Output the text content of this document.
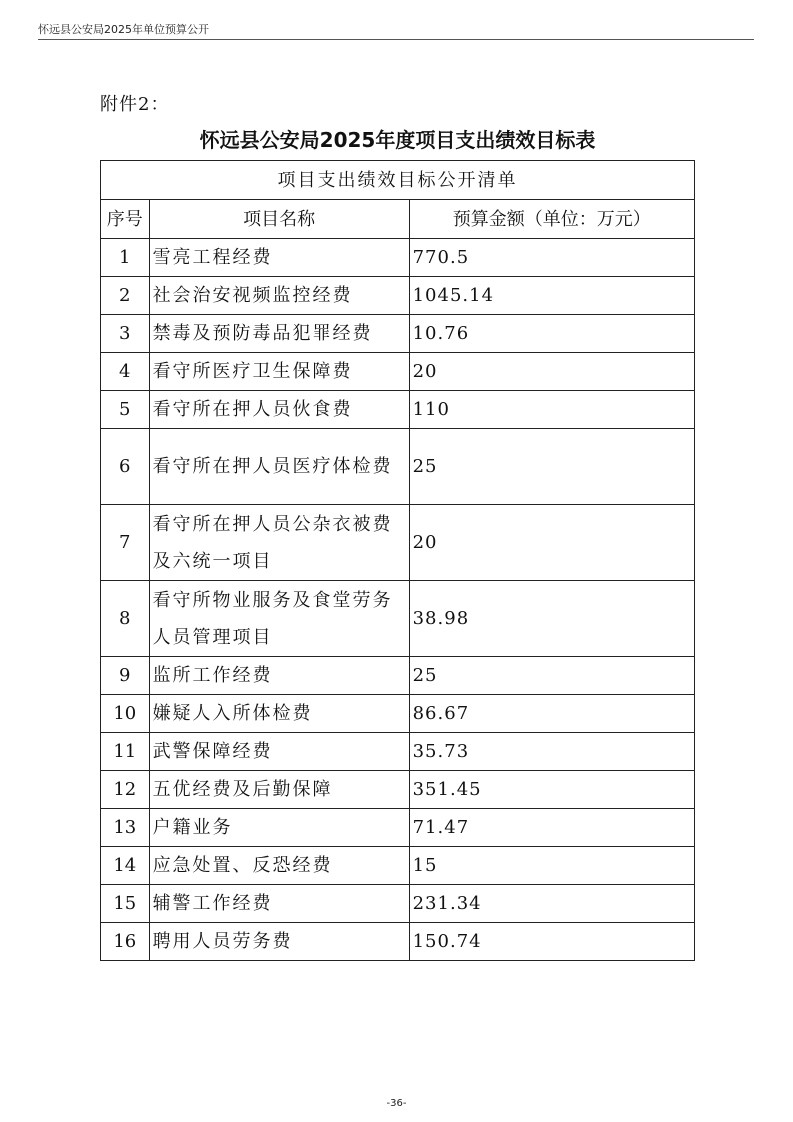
怀远县公安局2025年单位预算公开
附件2：
怀远县公安局2025年度项目支出绩效目标表
项目支出绩效目标公开清单		
序号	项目名称	预算金额（单位：万元）
1	雪亮工程经费	770.5
2	社会治安视频监控经费	1045.14
3	禁毒及预防毒品犯罪经费	10.76
4	看守所医疗卫生保障费	20
5	看守所在押人员伙食费	110
6	看守所在押人员医疗体检费	25
7	看守所在押人员公杂衣被费及六统一项目	20
8	看守所物业服务及食堂劳务人员管理项目	38.98
9	监所工作经费	25
10	嫌疑人入所体检费	86.67
11	武警保障经费	35.73
12	五优经费及后勤保障	351.45
13	户籍业务	71.47
14	应急处置、反恐经费	15
15	辅警工作经费	231.34
16	聘用人员劳务费	150.74
-36-
